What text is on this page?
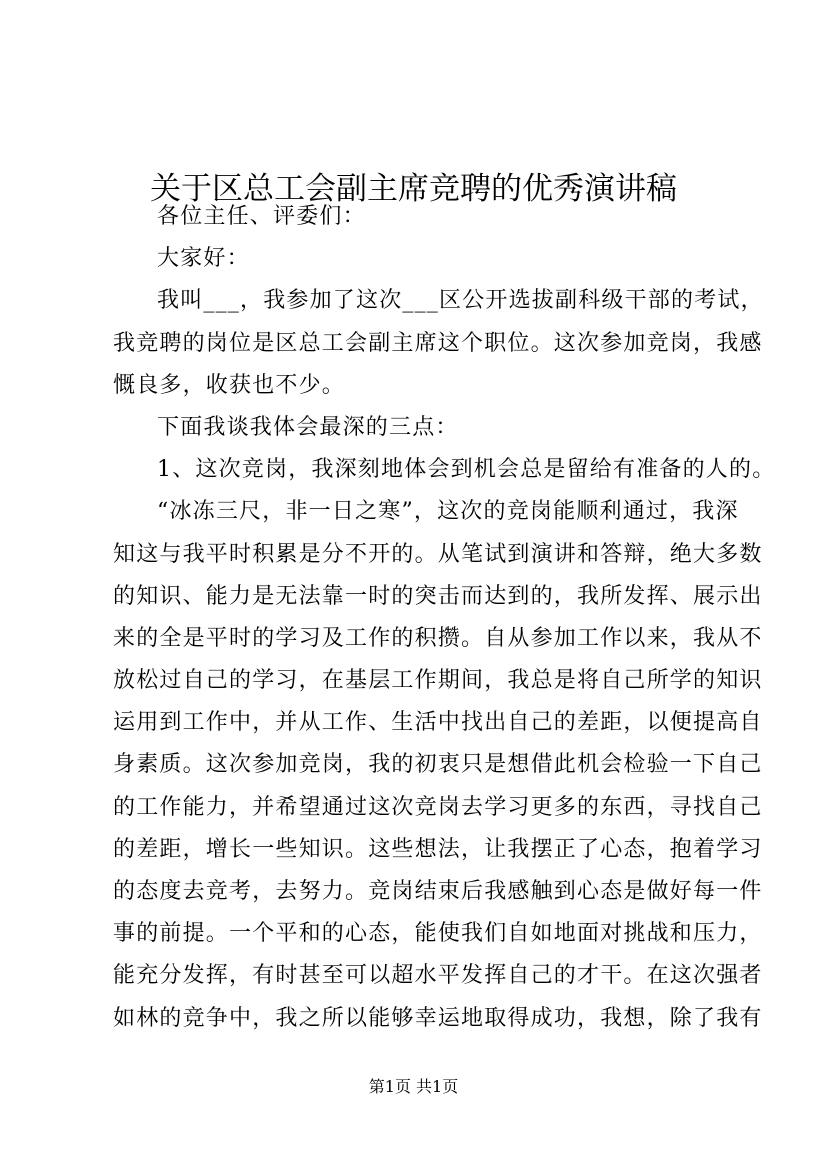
关于区总工会副主席竞聘的优秀演讲稿
各位主任、评委们：
大家好：
我叫___，我参加了这次___区公开选拔副科级干部的考试，
我竞聘的岗位是区总工会副主席这个职位。这次参加竞岗，我感
慨良多，收获也不少。
下面我谈我体会最深的三点：
1、这次竞岗，我深刻地体会到机会总是留给有准备的人的。
“冰冻三尺，非一日之寒”，这次的竞岗能顺利通过，我深
知这与我平时积累是分不开的。从笔试到演讲和答辩，绝大多数
的知识、能力是无法靠一时的突击而达到的，我所发挥、展示出
来的全是平时的学习及工作的积攒。自从参加工作以来，我从不
放松过自己的学习，在基层工作期间，我总是将自己所学的知识
运用到工作中，并从工作、生活中找出自己的差距，以便提高自
身素质。这次参加竞岗，我的初衷只是想借此机会检验一下自己
的工作能力，并希望通过这次竞岗去学习更多的东西，寻找自己
的差距，增长一些知识。这些想法，让我摆正了心态，抱着学习
的态度去竞考，去努力。竞岗结束后我感触到心态是做好每一件
事的前提。一个平和的心态，能使我们自如地面对挑战和压力，
能充分发挥，有时甚至可以超水平发挥自己的才干。在这次强者
如林的竞争中，我之所以能够幸运地取得成功，我想，除了我有
第1页 共1页
